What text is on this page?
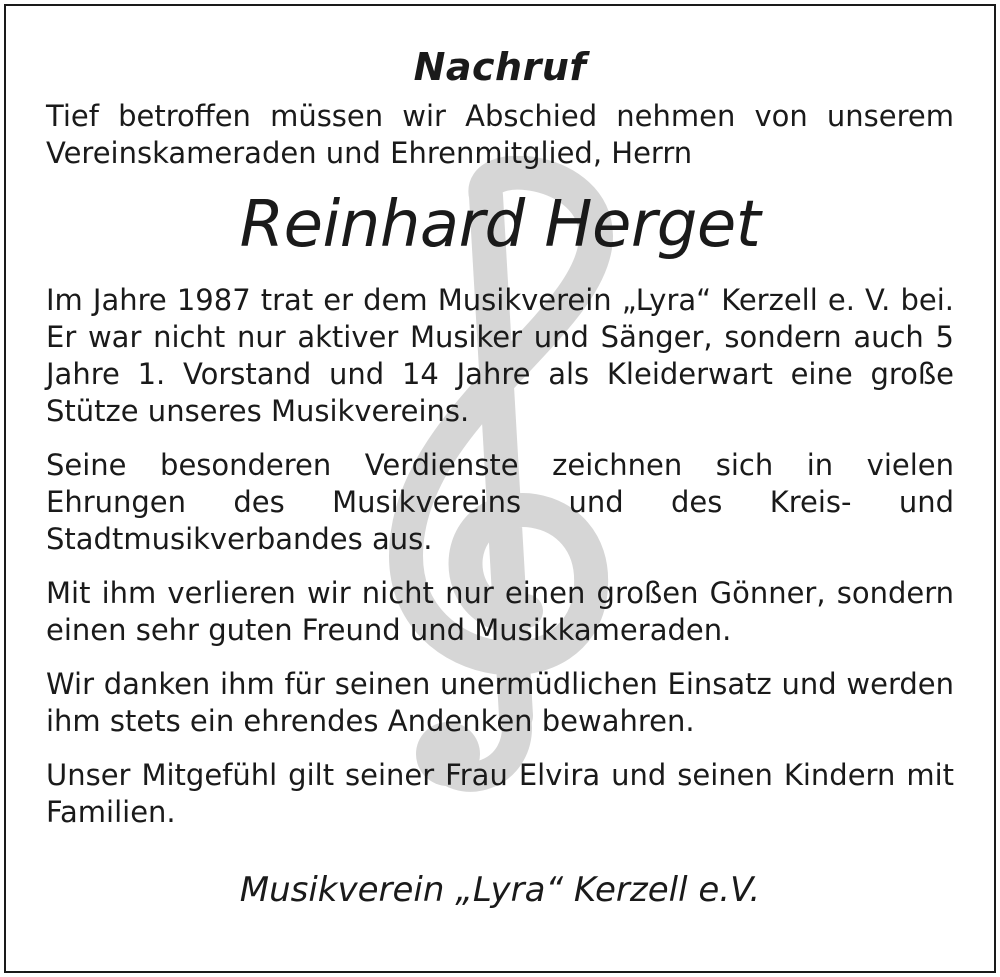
Nachruf

Tief betroffen müssen wir Abschied nehmen von unserem Vereinskameraden und Ehrenmitglied, Herrn

Reinhard Herget

Im Jahre 1987 trat er dem Musikverein „Lyra“ Kerzell e. V. bei. Er war nicht nur aktiver Musiker und Sänger, sondern auch 5 Jahre 1. Vorstand und 14 Jahre als Kleiderwart eine große Stütze unseres Musikvereins.

Seine besonderen Verdienste zeichnen sich in vielen Ehrungen des Musikvereins und des Kreis- und Stadtmusikverbandes aus.

Mit ihm verlieren wir nicht nur einen großen Gönner, sondern einen sehr guten Freund und Musikkameraden.

Wir danken ihm für seinen unermüdlichen Einsatz und werden ihm stets ein ehrendes Andenken bewahren.

Unser Mitgefühl gilt seiner Frau Elvira und seinen Kindern mit Familien.

Musikverein „Lyra“ Kerzell e.V.
